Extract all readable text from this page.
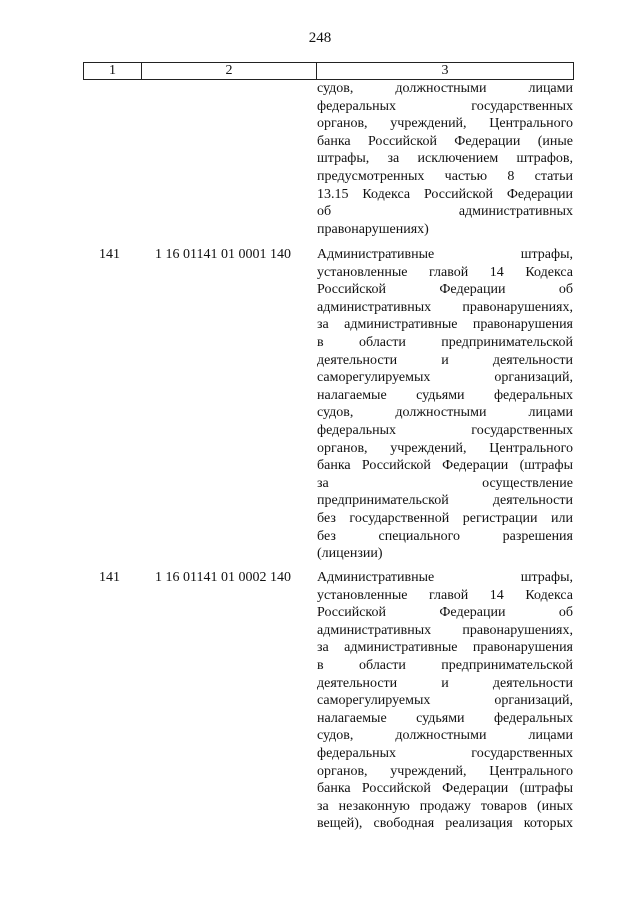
248
1	2	3
судов, должностными лицами
федеральных государственных
органов, учреждений, Центрального
банка Российской Федерации (иные
штрафы, за исключением штрафов,
предусмотренных частью 8 статьи
13.15 Кодекса Российской Федерации
об административных
правонарушениях)
141	1 16 01141 01 0001 140	Административные штрафы,
установленные главой 14 Кодекса
Российской Федерации об
административных правонарушениях,
за административные правонарушения
в области предпринимательской
деятельности и деятельности
саморегулируемых организаций,
налагаемые судьями федеральных
судов, должностными лицами
федеральных государственных
органов, учреждений, Центрального
банка Российской Федерации (штрафы
за осуществление
предпринимательской деятельности
без государственной регистрации или
без специального разрешения
(лицензии)
141	1 16 01141 01 0002 140	Административные штрафы,
установленные главой 14 Кодекса
Российской Федерации об
административных правонарушениях,
за административные правонарушения
в области предпринимательской
деятельности и деятельности
саморегулируемых организаций,
налагаемые судьями федеральных
судов, должностными лицами
федеральных государственных
органов, учреждений, Центрального
банка Российской Федерации (штрафы
за незаконную продажу товаров (иных
вещей), свободная реализация которых
